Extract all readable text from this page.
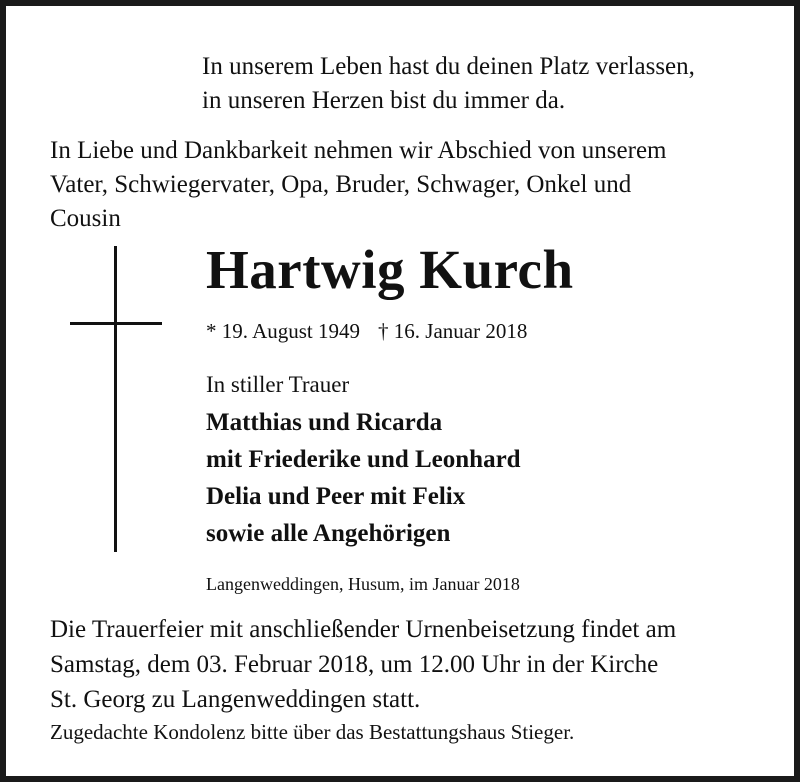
In unserem Leben hast du deinen Platz verlassen,
in unseren Herzen bist du immer da.
In Liebe und Dankbarkeit nehmen wir Abschied von unserem
Vater, Schwiegervater, Opa, Bruder, Schwager, Onkel und
Cousin
Hartwig Kurch
* 19. August 1949 † 16. Januar 2018
In stiller Trauer
Matthias und Ricarda
mit Friederike und Leonhard
Delia und Peer mit Felix
sowie alle Angehörigen
Langenweddingen, Husum, im Januar 2018
Die Trauerfeier mit anschließender Urnenbeisetzung findet am
Samstag, dem 03. Februar 2018, um 12.00 Uhr in der Kirche
St. Georg zu Langenweddingen statt.
Zugedachte Kondolenz bitte über das Bestattungshaus Stieger.
